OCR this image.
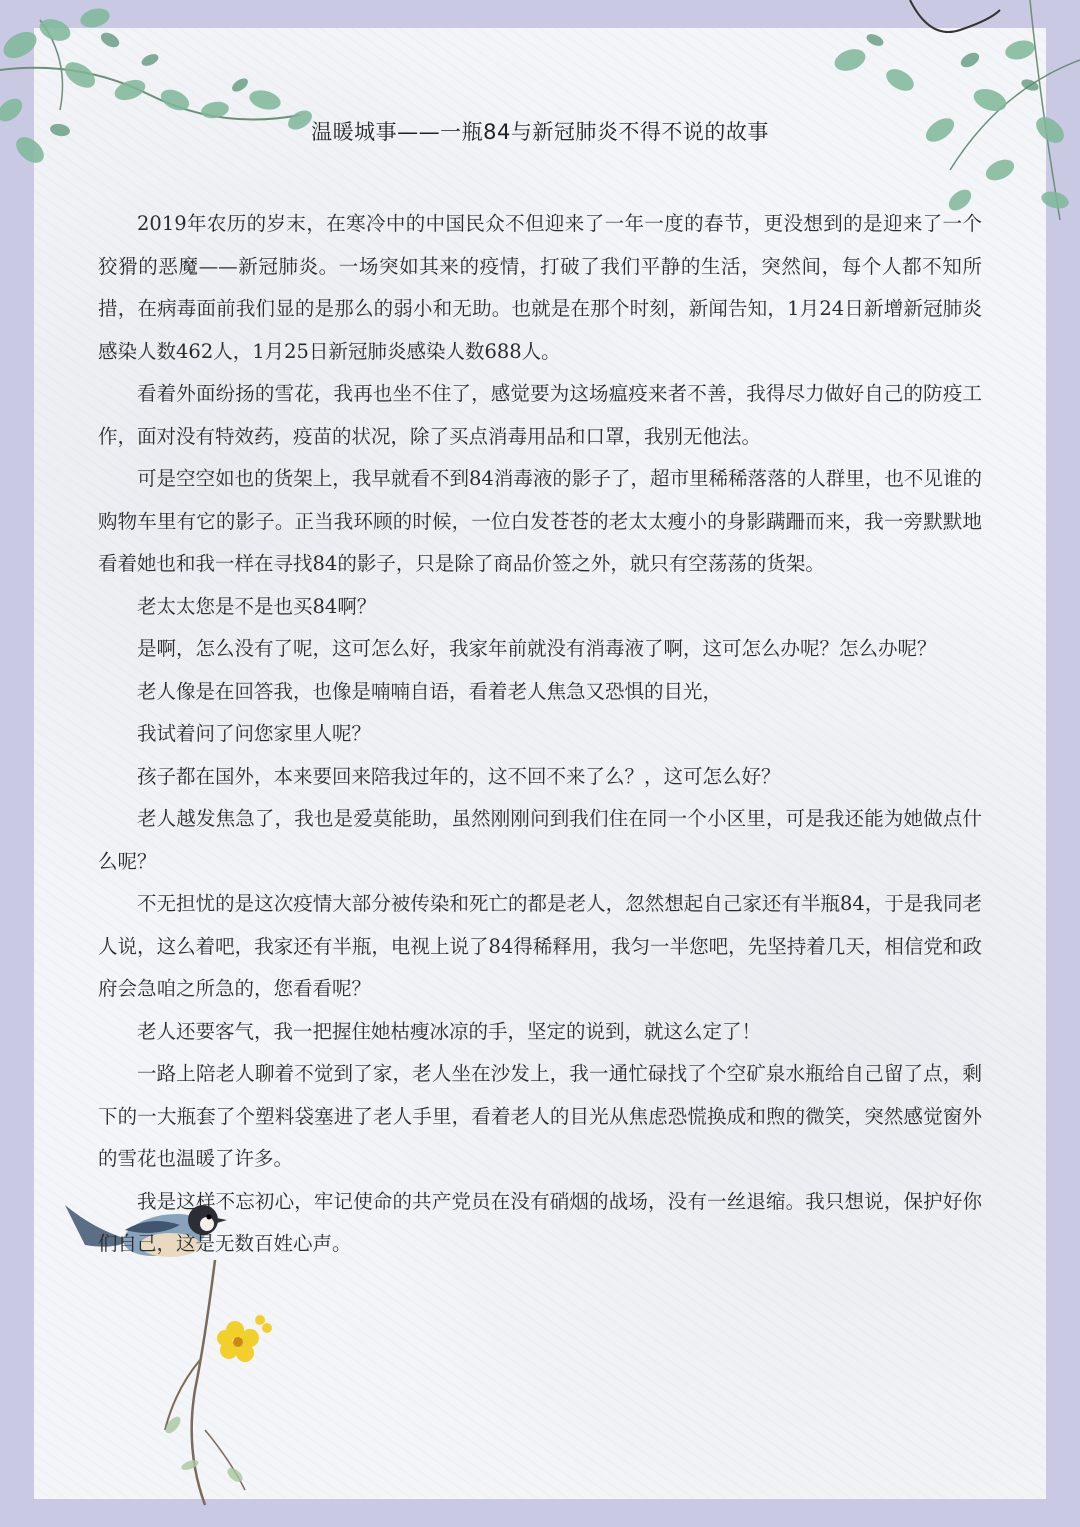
温暖城事——一瓶84与新冠肺炎不得不说的故事

2019年农历的岁末，在寒冷中的中国民众不但迎来了一年一度的春节，更没想到的是迎来了一个狡猾的恶魔——新冠肺炎。一场突如其来的疫情，打破了我们平静的生活，突然间，每个人都不知所措，在病毒面前我们显的是那么的弱小和无助。也就是在那个时刻，新闻告知，1月24日新增新冠肺炎感染人数462人，1月25日新冠肺炎感染人数688人。

看着外面纷扬的雪花，我再也坐不住了，感觉要为这场瘟疫来者不善，我得尽力做好自己的防疫工作，面对没有特效药，疫苗的状况，除了买点消毒用品和口罩，我别无他法。

可是空空如也的货架上，我早就看不到84消毒液的影子了，超市里稀稀落落的人群里，也不见谁的购物车里有它的影子。正当我环顾的时候，一位白发苍苍的老太太瘦小的身影蹒跚而来，我一旁默默地看着她也和我一样在寻找84的影子，只是除了商品价签之外，就只有空荡荡的货架。

老太太您是不是也买84啊？

是啊，怎么没有了呢，这可怎么好，我家年前就没有消毒液了啊，这可怎么办呢？怎么办呢？

老人像是在回答我，也像是喃喃自语，看着老人焦急又恐惧的目光，

我试着问了问您家里人呢？

孩子都在国外，本来要回来陪我过年的，这不回不来了么？，这可怎么好？

老人越发焦急了，我也是爱莫能助，虽然刚刚问到我们住在同一个小区里，可是我还能为她做点什么呢？

不无担忧的是这次疫情大部分被传染和死亡的都是老人，忽然想起自己家还有半瓶84，于是我同老人说，这么着吧，我家还有半瓶，电视上说了84得稀释用，我匀一半您吧，先坚持着几天，相信党和政府会急咱之所急的，您看看呢？

老人还要客气，我一把握住她枯瘦冰凉的手，坚定的说到，就这么定了！

一路上陪老人聊着不觉到了家，老人坐在沙发上，我一通忙碌找了个空矿泉水瓶给自己留了点，剩下的一大瓶套了个塑料袋塞进了老人手里，看着老人的目光从焦虑恐慌换成和煦的微笑，突然感觉窗外的雪花也温暖了许多。

我是这样不忘初心，牢记使命的共产党员在没有硝烟的战场，没有一丝退缩。我只想说，保护好你们自己，这是无数百姓心声。
